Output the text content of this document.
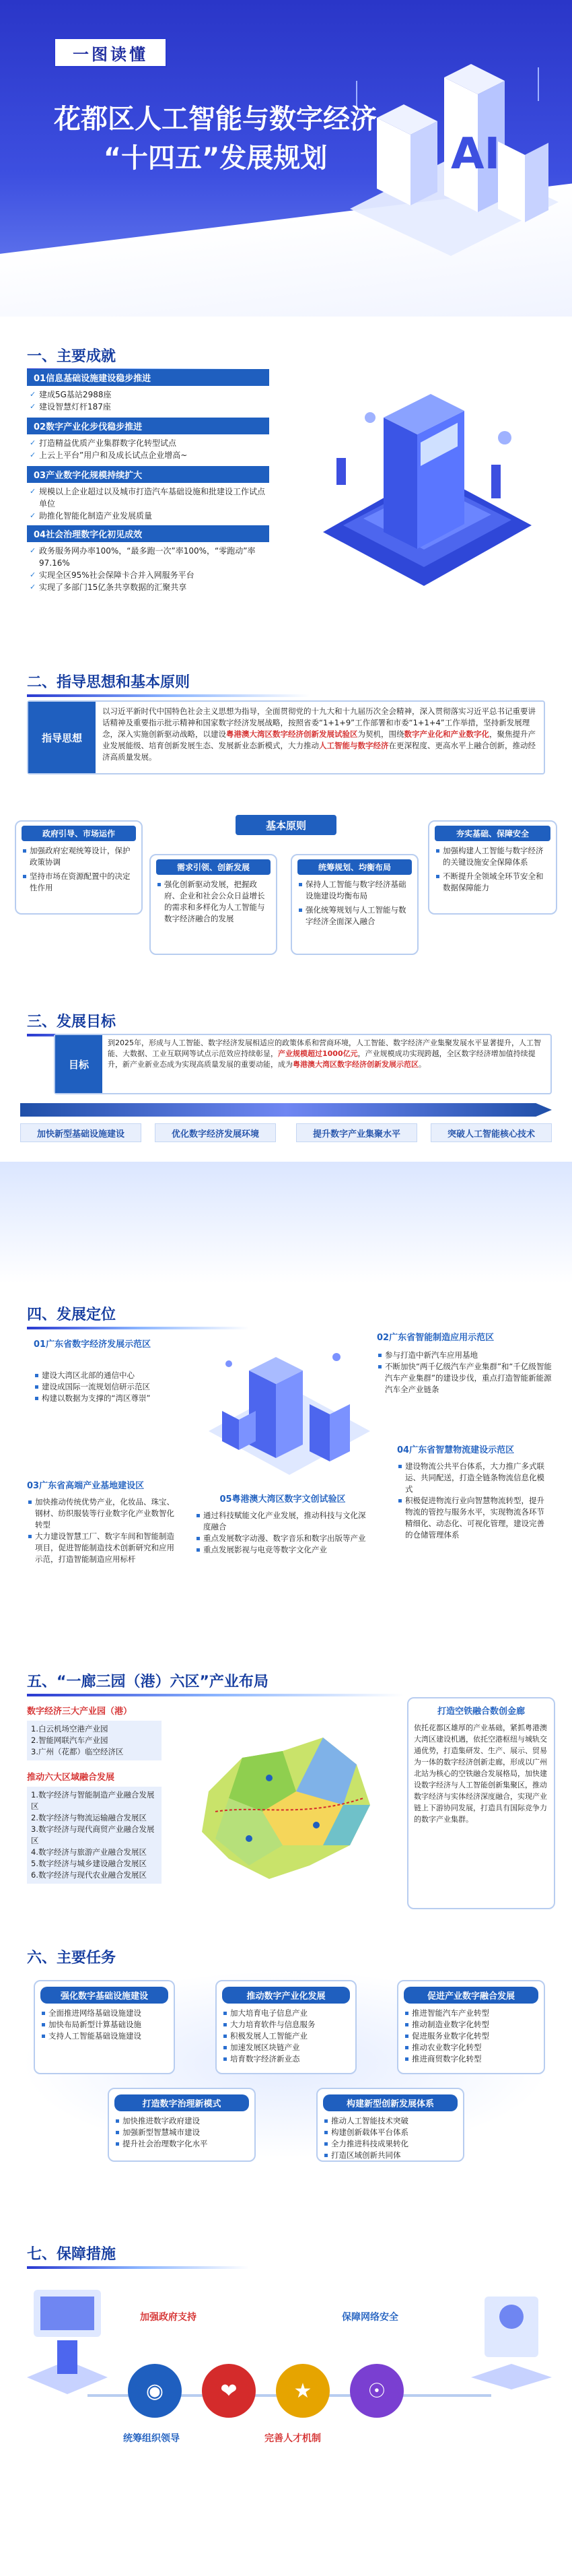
AI
一图读懂
花都区人工智能与数字经济
“十四五”发展规划
一、主要成就
01信息基础设施建设稳步推进
✓ 建成5G基站2988座
✓ 建设智慧灯杆187座
02数字产业化步伐稳步推进
✓ 打造精益优质产业集群数字化转型试点
✓ 上云上平台”用户和及成长试点企业增高~
03产业数字化规模持续扩大
✓ 规模以上企业超过以及城市打造汽车基础设施和批建设工作试点单位
✓ 助推化智能化制造产业发展质量
04社会治理数字化初见成效
✓ 政务服务网办率100%，“最多跑一次”率100%，“零跑动”率97.16%
✓ 实现全区95%社会保障卡合并入网服务平台
✓ 实现了多部门15亿条共享数据的汇聚共享
二、指导思想和基本原则
指导思想
以习近平新时代中国特色社会主义思想为指导，全面贯彻党的十九大和十九届历次全会精神，深入贯彻落实习近平总书记重要讲话精神及重要指示批示精神和国家数字经济发展战略，按照省委“1+1+9”工作部署和市委“1+1+4”工作举措，坚持新发展理念，深入实施创新驱动战略，以建设粤港澳大湾区数字经济创新发展试验区为契机，围绕数字产业化和产业数字化，聚焦提升产业发展能级、培育创新发展生态、发展新业态新模式，大力推动人工智能与数字经济在更深程度、更高水平上融合创新，推动经济高质量发展。
基本原则
政府引导、市场运作
加强政府宏观统筹设计，保护政策协调
坚持市场在资源配置中的决定性作用
需求引领、创新发展
强化创新驱动发展，把握政府、企业和社会公众日益增长的需求和多样化为人工智能与数字经济融合的发展
统筹规划、均衡布局
保持人工智能与数字经济基础设施建设均衡布局
强化统筹规划与人工智能与数字经济全面深入融合
夯实基础、保障安全
加强构建人工智能与数字经济的关键设施安全保障体系
不断提升全领域全环节安全和数据保障能力
三、发展目标
目标
到2025年，形成与人工智能、数字经济发展相适应的政策体系和营商环境，人工智能、数字经济产业集聚发展水平显著提升，人工智能、大数据、工业互联网等试点示范效应持续彰显，产业规模超过1000亿元，产业规模成功实现跨越，全区数字经济增加值持续提升，新产业新业态成为实现高质量发展的重要动能，成为粤港澳大湾区数字经济创新发展示范区。
加快新型基础设施建设	优化数字经济发展环境	提升数字产业集聚水平	突破人工智能核心技术
四、发展定位
01广东省数字经济发展示范区
建设大湾区北部的通信中心
建设成国际一流规划信研示范区
构建以数据为支撑的“湾区尊崇”
02广东省智能制造应用示范区
参与打造中新汽车应用基地
不断加快“两千亿级汽车产业集群”和“千亿级智能汽车产业集群”的建设步伐，重点打造智能新能源汽车全产业链条
03广东省高端产业基地建设区
加快推动传统优势产业，化妆品、珠宝、钢材、纺织服装等行业数字化产业数智化转型
大力建设智慧工厂、数字车间和智能制造项目，促进智能制造技术创新研究和应用示范，打造智能制造应用标杆
04广东省智慧物流建设示范区
建设物流公共平台体系，大力推广多式联运、共同配送，打造全链条物流信息化模式
积极促进物流行业向智慧物流转型，提升物流的管控与服务水平，实现物流各环节精细化、动态化、可视化管理，建设完善的仓储管理体系
05粤港澳大湾区数字文创试验区
通过科技赋能文化产业发展，推动科技与文化深度融合
重点发展数字动漫、数字音乐和数字出版等产业
重点发展影视与电竞等数字文化产业
五、“一廊三园（港）六区”产业布局
数字经济三大产业园（港）
1.白云机场空港产业园
2.智能网联汽车产业园
3.广州（花都）临空经济区
推动六大区域融合发展
1.数字经济与智能制造产业融合发展区
2.数字经济与物流运输融合发展区
3.数字经济与现代商贸产业融合发展区
4.数字经济与旅游产业融合发展区
5.数字经济与城乡建设融合发展区
6.数字经济与现代农业融合发展区
打造空铁融合数创金廊
依托花都区雄厚的产业基础，紧抓粤港澳大湾区建设机遇，依托空港枢纽与城轨交通优势，打造集研发、生产、展示、贸易为一体的数字经济创新走廊，形成以广州北站为核心的空铁融合发展格局，加快建设数字经济与人工智能创新集聚区，推动数字经济与实体经济深度融合，实现产业链上下游协同发展，打造具有国际竞争力的数字产业集群。
六、主要任务
强化数字基础设施建设
全面推进网络基础设施建设
加快布局新型计算基础设施
支持人工智能基础设施建设
推动数字产业化发展
加大培育电子信息产业
大力培育软件与信息服务
积极发展人工智能产业
加速发展区块链产业
培育数字经济新业态
促进产业数字融合发展
推进智能汽车产业转型
推动制造业数字化转型
促进服务业数字化转型
推动农业数字化转型
推进商贸数字化转型
打造数字治理新模式
加快推进数字政府建设
加强新型智慧城市建设
提升社会治理数字化水平
构建新型创新发展体系
推动人工智能技术突破
构建创新载体平台体系
全力推进科技成果转化
打造区域创新共同体
七、保障措施
加强政府支持	保障网络安全
◉	❤	★	☉
统筹组织领导	完善人才机制
